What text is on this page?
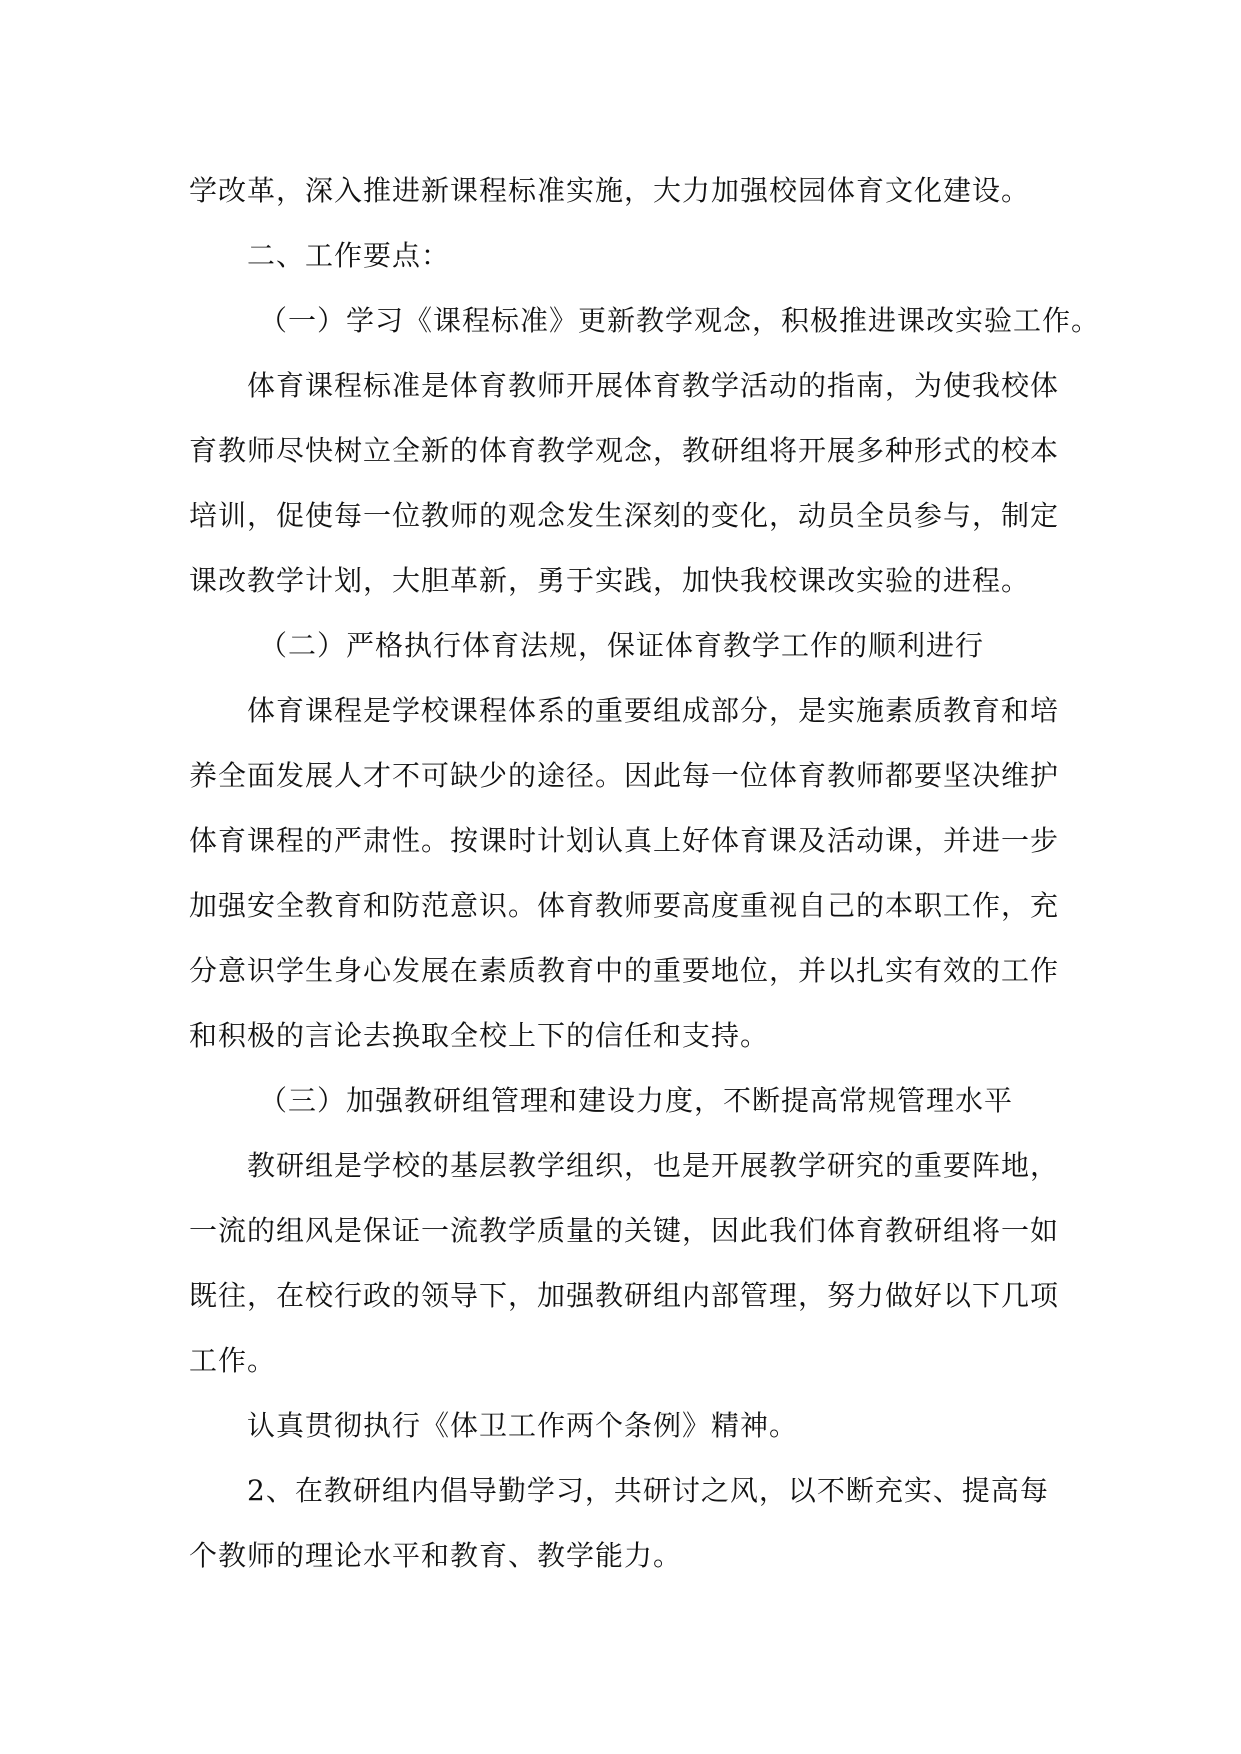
学改革，深入推进新课程标准实施，大力加强校园体育文化建设。
二、工作要点：
（一）学习《课程标准》更新教学观念，积极推进课改实验工作。
体育课程标准是体育教师开展体育教学活动的指南，为使我校体
育教师尽快树立全新的体育教学观念，教研组将开展多种形式的校本
培训，促使每一位教师的观念发生深刻的变化，动员全员参与，制定
课改教学计划，大胆革新，勇于实践，加快我校课改实验的进程。
（二）严格执行体育法规，保证体育教学工作的顺利进行
体育课程是学校课程体系的重要组成部分，是实施素质教育和培
养全面发展人才不可缺少的途径。因此每一位体育教师都要坚决维护
体育课程的严肃性。按课时计划认真上好体育课及活动课，并进一步
加强安全教育和防范意识。体育教师要高度重视自己的本职工作，充
分意识学生身心发展在素质教育中的重要地位，并以扎实有效的工作
和积极的言论去换取全校上下的信任和支持。
（三）加强教研组管理和建设力度，不断提高常规管理水平
教研组是学校的基层教学组织，也是开展教学研究的重要阵地，
一流的组风是保证一流教学质量的关键，因此我们体育教研组将一如
既往，在校行政的领导下，加强教研组内部管理，努力做好以下几项
工作。
认真贯彻执行《体卫工作两个条例》精神。
2、在教研组内倡导勤学习，共研讨之风，以不断充实、提高每
个教师的理论水平和教育、教学能力。
